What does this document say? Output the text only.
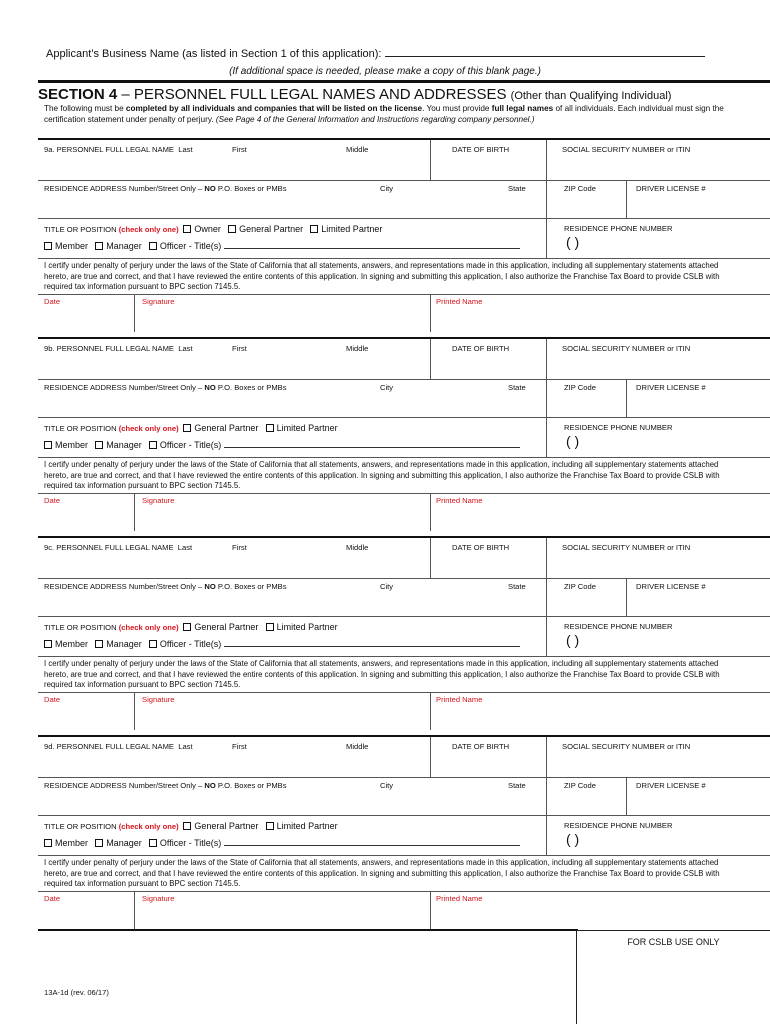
Applicant’s Business Name (as listed in Section 1 of this application):
(If additional space is needed, please make a copy of this blank page.)
SECTION 4 – PERSONNEL FULL LEGAL NAMES AND ADDRESSES (Other than Qualifying Individual)
The following must be completed by all individuals and companies that will be listed on the license. You must provide full legal names of all individuals. Each individual must sign the certification statement under penalty of perjury. (See Page 4 of the General Information and Instructions regarding company personnel.)
9a. PERSONNEL FULL LEGAL NAME Last	First	Middle	DATE OF BIRTH	SOCIAL SECURITY NUMBER or ITIN
RESIDENCE ADDRESS Number/Street Only – NO P.O. Boxes or PMBs	City	State	ZIP Code	DRIVER LICENSE #
TITLE OR POSITION (check only one) Owner General Partner Limited Partner
Member Manager Officer - Title(s)
RESIDENCE PHONE NUMBER
( )
I certify under penalty of perjury under the laws of the State of California that all statements, answers, and representations made in this application, including all supplementary statements attached hereto, are true and correct, and that I have reviewed the entire contents of this application. In signing and submitting this application, I also authorize the Franchise Tax Board to provide CSLB with required tax information pursuant to BPC section 7145.5.
Date	Signature	Printed Name
9b. PERSONNEL FULL LEGAL NAME Last	First	Middle	DATE OF BIRTH	SOCIAL SECURITY NUMBER or ITIN
RESIDENCE ADDRESS Number/Street Only – NO P.O. Boxes or PMBs	City	State	ZIP Code	DRIVER LICENSE #
TITLE OR POSITION (check only one) General Partner Limited Partner
Member Manager Officer - Title(s)
RESIDENCE PHONE NUMBER
( )
I certify under penalty of perjury under the laws of the State of California that all statements, answers, and representations made in this application, including all supplementary statements attached hereto, are true and correct, and that I have reviewed the entire contents of this application. In signing and submitting this application, I also authorize the Franchise Tax Board to provide CSLB with required tax information pursuant to BPC section 7145.5.
Date	Signature	Printed Name
9c. PERSONNEL FULL LEGAL NAME Last	First	Middle	DATE OF BIRTH	SOCIAL SECURITY NUMBER or ITIN
RESIDENCE ADDRESS Number/Street Only – NO P.O. Boxes or PMBs	City	State	ZIP Code	DRIVER LICENSE #
TITLE OR POSITION (check only one) General Partner Limited Partner
Member Manager Officer - Title(s)
RESIDENCE PHONE NUMBER
( )
I certify under penalty of perjury under the laws of the State of California that all statements, answers, and representations made in this application, including all supplementary statements attached hereto, are true and correct, and that I have reviewed the entire contents of this application. In signing and submitting this application, I also authorize the Franchise Tax Board to provide CSLB with required tax information pursuant to BPC section 7145.5.
Date	Signature	Printed Name
9d. PERSONNEL FULL LEGAL NAME Last	First	Middle	DATE OF BIRTH	SOCIAL SECURITY NUMBER or ITIN
RESIDENCE ADDRESS Number/Street Only – NO P.O. Boxes or PMBs	City	State	ZIP Code	DRIVER LICENSE #
TITLE OR POSITION (check only one) General Partner Limited Partner
Member Manager Officer - Title(s)
RESIDENCE PHONE NUMBER
( )
I certify under penalty of perjury under the laws of the State of California that all statements, answers, and representations made in this application, including all supplementary statements attached hereto, are true and correct, and that I have reviewed the entire contents of this application. In signing and submitting this application, I also authorize the Franchise Tax Board to provide CSLB with required tax information pursuant to BPC section 7145.5.
Date	Signature	Printed Name
FOR CSLB USE ONLY
13A-1d (rev. 06/17)
